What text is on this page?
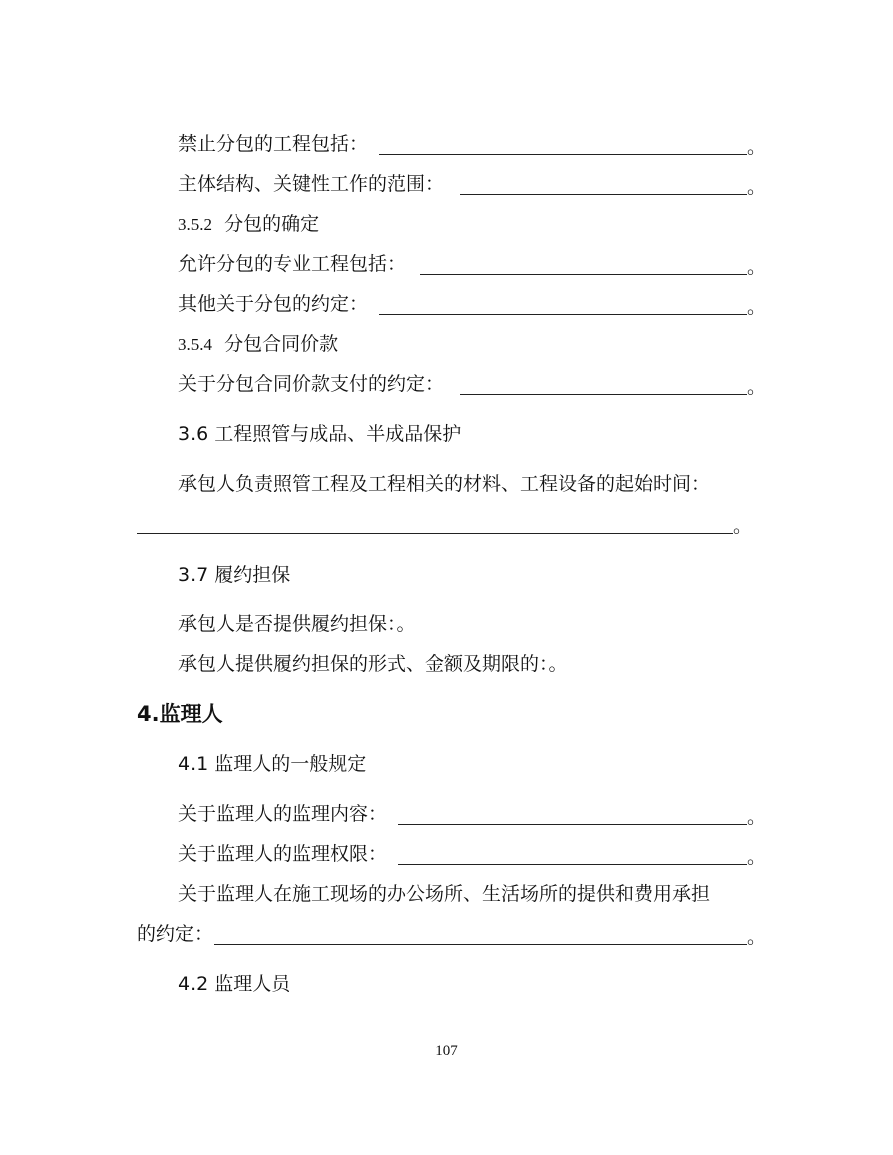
禁止分包的工程包括：	。
主体结构、关键性工作的范围：	。
3.5.2 分包的确定
允许分包的专业工程包括：	。
其他关于分包的约定：	。
3.5.4 分包合同价款
关于分包合同价款支付的约定：	。
3.6 工程照管与成品、半成品保护
承包人负责照管工程及工程相关的材料、工程设备的起始时间：
。
3.7 履约担保
承包人是否提供履约担保：。
承包人提供履约担保的形式、金额及期限的：。
4.监理人
4.1 监理人的一般规定
关于监理人的监理内容：	。
关于监理人的监理权限：	。
关于监理人在施工现场的办公场所、生活场所的提供和费用承担
的约定：	。
4.2 监理人员
107
